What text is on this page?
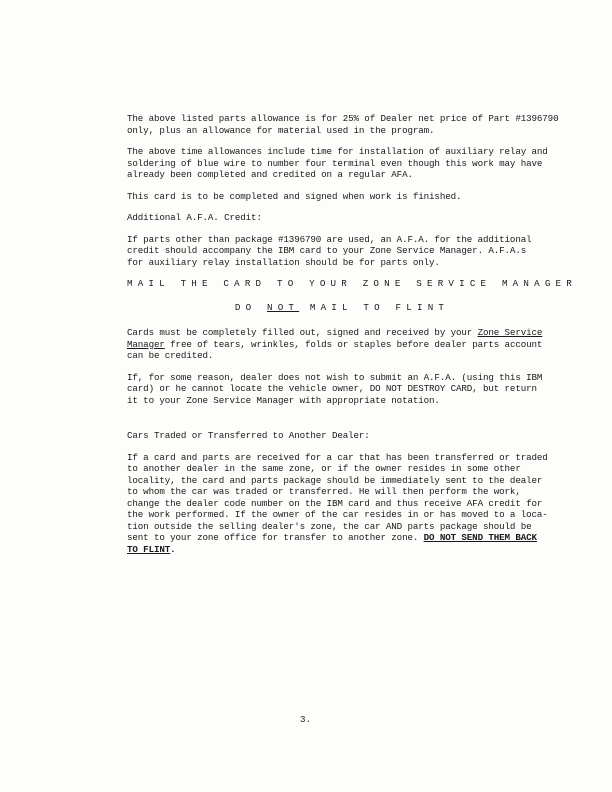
The above listed parts allowance is for 25% of Dealer net price of Part #1396790
only, plus an allowance for material used in the program.
The above time allowances include time for installation of auxiliary relay and
soldering of blue wire to number four terminal even though this work may have
already been completed and credited on a regular AFA.
This card is to be completed and signed when work is finished.
Additional A.F.A. Credit:
If parts other than package #1396790 are used, an A.F.A. for the additional
credit should accompany the IBM card to your Zone Service Manager. A.F.A.s
for auxiliary relay installation should be for parts only.
MAIL THE CARD TO YOUR ZONE SERVICE MANAGER
DO NOT MAIL TO FLINT
Cards must be completely filled out, signed and received by your Zone Service
Manager free of tears, wrinkles, folds or staples before dealer parts account
can be credited.
If, for some reason, dealer does not wish to submit an A.F.A. (using this IBM
card) or he cannot locate the vehicle owner, DO NOT DESTROY CARD, but return
it to your Zone Service Manager with appropriate notation.
Cars Traded or Transferred to Another Dealer:
If a card and parts are received for a car that has been transferred or traded
to another dealer in the same zone, or if the owner resides in some other
locality, the card and parts package should be immediately sent to the dealer
to whom the car was traded or transferred. He will then perform the work,
change the dealer code number on the IBM card and thus receive AFA credit for
the work performed. If the owner of the car resides in or has moved to a loca-
tion outside the selling dealer's zone, the car AND parts package should be
sent to your zone office for transfer to another zone. DO NOT SEND THEM BACK
TO FLINT.
3.
